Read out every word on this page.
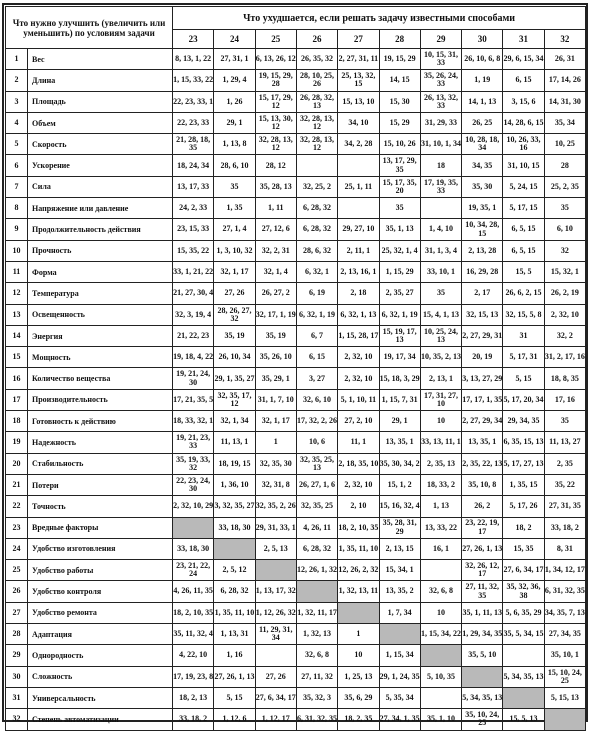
Что нужно улучшить (увеличить или уменьшить) по условиям задачи		Что ухудшается, если решать задачу известными способами									
		23	24	25	26	27	28	29	30	31	32
1	Вес	8, 13, 1, 22	27, 31, 1	6, 13, 26, 12	26, 35, 32	2, 27, 31, 11	19, 15, 29	10, 15, 31, 33	26, 10, 6, 8	29, 6, 15, 34	26, 31
2	Длина	1, 15, 33, 22	1, 29, 4	19, 15, 29, 28	28, 10, 25, 26	25, 13, 32, 15	14, 15	35, 26, 24, 33	1, 19	6, 15	17, 14, 26
3	Площадь	22, 23, 33, 1	1, 26	15, 17, 29, 12	26, 28, 32, 13	15, 13, 10	15, 30	26, 13, 32, 33	14, 1, 13	3, 15, 6	14, 31, 30
4	Объем	22, 23, 33	29, 1	15, 13, 30, 12	32, 28, 13, 12	34, 10	15, 29	31, 29, 33	26, 25	14, 28, 6, 15	35, 34
5	Скорость	21, 28, 18, 35	1, 13, 8	32, 28, 13, 12	32, 28, 13, 12	34, 2, 28	15, 10, 26	31, 10, 1, 34	10, 28, 18, 34	10, 26, 33, 16	10, 25
6	Ускорение	18, 24, 34	28, 6, 10	28, 12			13, 17, 29, 35	18	34, 35	31, 10, 15	28
7	Сила	13, 17, 33	35	35, 28, 13	32, 25, 2	25, 1, 11	15, 17, 35, 20	17, 19, 35, 33	35, 30	5, 24, 15	25, 2, 35
8	Напряжение или давление	24, 2, 33	1, 35	1, 11	6, 28, 32		35		19, 35, 1	5, 17, 15	35
9	Продолжительность действия	23, 15, 33	27, 1, 4	27, 12, 6	6, 28, 32	29, 27, 10	35, 1, 13	1, 4, 10	10, 34, 28, 15	6, 5, 15	6, 10
10	Прочность	15, 35, 22	1, 3, 10, 32	32, 2, 31	28, 6, 32	2, 11, 1	25, 32, 1, 4	31, 1, 3, 4	2, 13, 28	6, 5, 15	32
11	Форма	33, 1, 21, 22	32, 1, 17	32, 1, 4	6, 32, 1	2, 13, 16, 1	1, 15, 29	33, 10, 1	16, 29, 28	15, 5	15, 32, 1
12	Температура	21, 27, 30, 4	27, 26	26, 27, 2	6, 19	2, 18	2, 35, 27	35	2, 17	26, 6, 2, 15	26, 2, 19
13	Освещенность	32, 3, 19, 4	28, 26, 27, 32	32, 17, 1, 19	6, 32, 1, 19	6, 32, 1, 13	6, 32, 1, 19	15, 4, 1, 13	32, 15, 13	32, 15, 5, 8	2, 32, 10
14	Энергия	21, 22, 23	35, 19	35, 19	6, 7	1, 15, 28, 17	15, 19, 17, 13	10, 25, 24, 13	2, 27, 29, 31	31	32, 2
15	Мощность	19, 18, 4, 22	26, 10, 34	35, 26, 10	6, 15	2, 32, 10	19, 17, 34	10, 35, 2, 13	20, 19	5, 17, 31	31, 2, 17, 16
16	Количество вещества	19, 21, 24, 30	29, 1, 35, 27	35, 29, 1	3, 27	2, 32, 10	15, 18, 3, 29	2, 13, 1	3, 13, 27, 29	5, 15	18, 8, 35
17	Производительность	17, 21, 35, 5	32, 35, 17, 12	31, 1, 7, 10	32, 6, 10	5, 1, 10, 11	1, 15, 7, 31	17, 31, 27, 10	17, 17, 1, 35	5, 17, 20, 34	17, 16
18	Готовность к действию	18, 33, 32, 1	32, 1, 34	32, 1, 17	17, 32, 2, 26	27, 2, 10	29, 1	10	2, 27, 29, 34	29, 34, 35	35
19	Надежность	19, 21, 23, 33	11, 13, 1	1	10, 6	11, 1	13, 35, 1	33, 13, 11, 1	13, 35, 1	6, 35, 15, 13	11, 13, 27
20	Стабильность	35, 19, 33, 32	18, 19, 15	32, 35, 30	32, 35, 25, 13	2, 18, 35, 10	35, 30, 34, 2	2, 35, 13	2, 35, 22, 13	5, 17, 27, 13	2, 35
21	Потери	22, 23, 24, 30	1, 36, 10	32, 31, 8	26, 27, 1, 6	2, 32, 10	15, 1, 2	18, 33, 2	35, 10, 8	1, 35, 15	35, 22
22	Точность	2, 32, 10, 29	3, 32, 35, 27	32, 35, 2, 26	32, 35, 25	2, 10	15, 16, 32, 4	1, 13	26, 2	5, 17, 26	27, 31, 35
23	Вредные факторы		33, 18, 30	29, 31, 33, 1	4, 26, 11	18, 2, 10, 35	35, 28, 31, 29	13, 33, 22	23, 22, 19, 17	18, 2	33, 18, 2
24	Удобство изготовления	33, 18, 30		2, 5, 13	6, 28, 32	1, 35, 11, 10	2, 13, 15	16, 1	27, 26, 1, 13	15, 35	8, 31
25	Удобство работы	23, 21, 22, 24	2, 5, 12		12, 26, 1, 32	12, 26, 2, 32	15, 34, 1		32, 26, 12, 17	27, 6, 34, 17	1, 34, 12, 17
26	Удобство контроля	4, 26, 11, 35	6, 28, 32	1, 13, 17, 32		1, 32, 13, 11	13, 35, 2	32, 6, 8	27, 11, 32, 35	35, 32, 36, 38	6, 31, 32, 35
27	Удобство ремонта	18, 2, 10, 35	1, 35, 11, 10	1, 12, 26, 32	1, 32, 11, 17		1, 7, 34	10	35, 1, 11, 13	5, 6, 35, 29	34, 35, 7, 13
28	Адаптация	35, 11, 32, 4	1, 13, 31	11, 29, 31, 34	1, 32, 13	1		1, 15, 34, 22	1, 29, 34, 35	35, 5, 34, 15	27, 34, 35
29	Однородность	4, 22, 10	1, 16		32, 6, 8	10	1, 15, 34		35, 5, 10		35, 10, 1
30	Сложность	17, 19, 23, 8	27, 26, 1, 13	27, 26	27, 11, 32	1, 25, 13	29, 1, 24, 35	5, 10, 35		5, 34, 35, 13	15, 10, 24, 25
31	Универсальность	18, 2, 13	5, 15	27, 6, 34, 17	35, 32, 3	35, 6, 29	5, 35, 34		5, 34, 35, 13		5, 15, 13
32	Степень автоматизации	33, 18, 2	1, 12, 6	1, 12, 17	6, 31, 32, 35	18, 2, 35	27, 34, 1, 35	35, 1, 10	35, 10, 24, 25	15, 5, 13	
